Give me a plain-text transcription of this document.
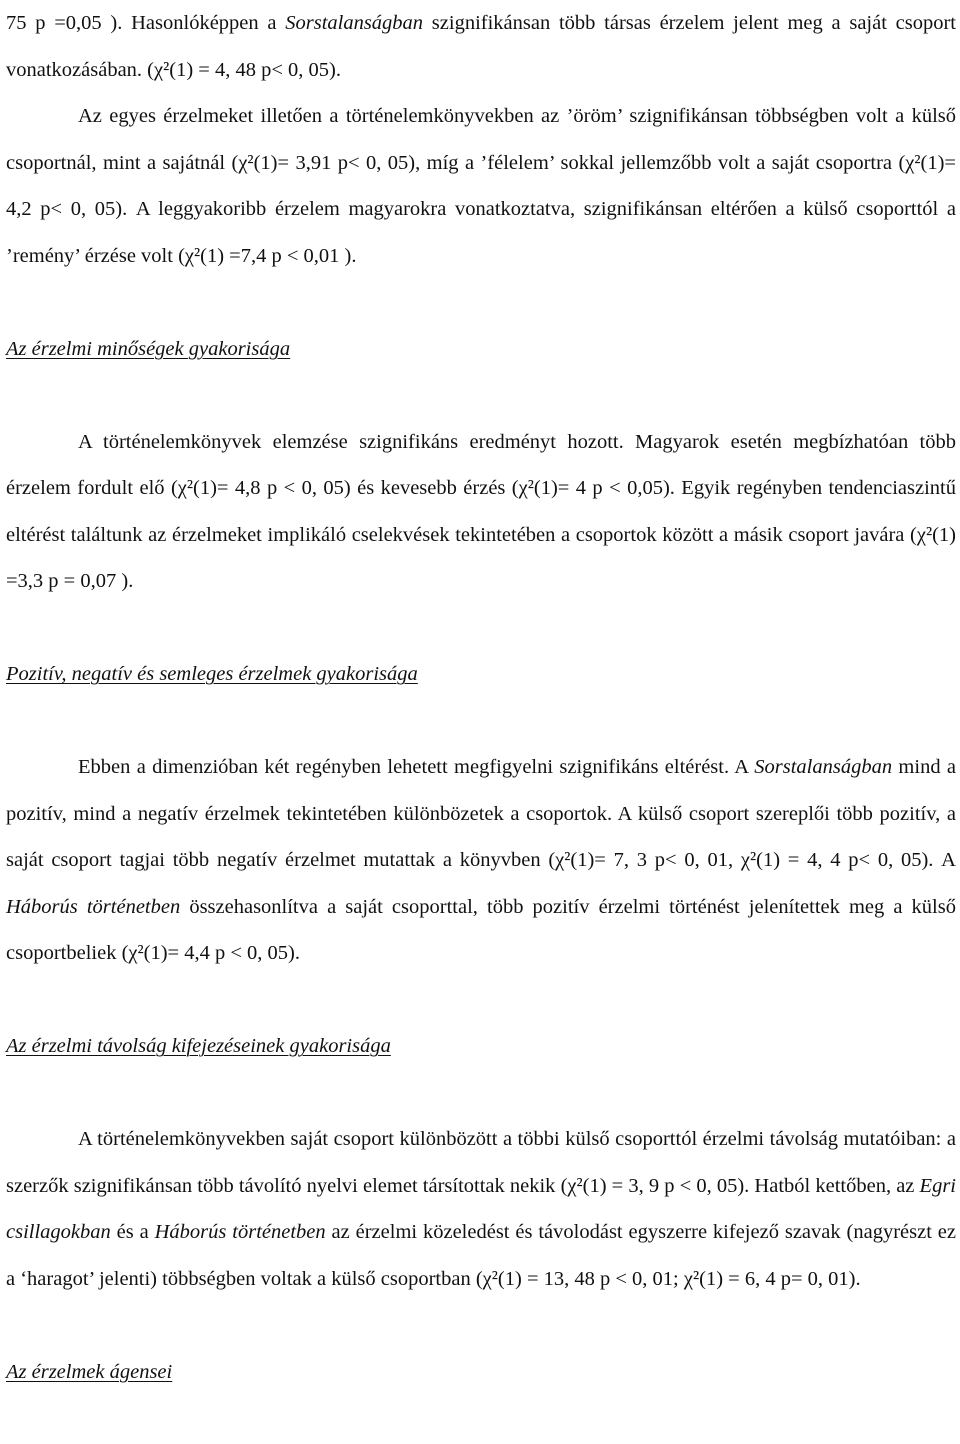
75 p =0,05 ). Hasonlóképpen a Sorstalanságban szignifikánsan több társas érzelem jelent meg a saját csoport vonatkozásában. (χ²(1) = 4, 48 p< 0, 05).

Az egyes érzelmeket illetően a történelemkönyvekben az ’öröm’ szignifikánsan többségben volt a külső csoportnál, mint a sajátnál (χ²(1)= 3,91 p< 0, 05), míg a ’félelem’ sokkal jellemzőbb volt a saját csoportra (χ²(1)= 4,2 p< 0, 05). A leggyakoribb érzelem magyarokra vonatkoztatva, szignifikánsan eltérően a külső csoporttól a ’remény’ érzése volt (χ²(1) =7,4 p < 0,01 ).

Az érzelmi minőségek gyakorisága

A történelemkönyvek elemzése szignifikáns eredményt hozott. Magyarok esetén megbízhatóan több érzelem fordult elő (χ²(1)= 4,8 p < 0, 05) és kevesebb érzés (χ²(1)= 4 p < 0,05). Egyik regényben tendenciaszintű eltérést találtunk az érzelmeket implikáló cselekvések tekintetében a csoportok között a másik csoport javára (χ²(1) =3,3 p = 0,07 ).

Pozitív, negatív és semleges érzelmek gyakorisága

Ebben a dimenzióban két regényben lehetett megfigyelni szignifikáns eltérést. A Sorstalanságban mind a pozitív, mind a negatív érzelmek tekintetében különbözetek a csoportok. A külső csoport szereplői több pozitív, a saját csoport tagjai több negatív érzelmet mutattak a könyvben (χ²(1)= 7, 3 p< 0, 01, χ²(1) = 4, 4 p< 0, 05). A Háborús történetben összehasonlítva a saját csoporttal, több pozitív érzelmi történést jelenítettek meg a külső csoportbeliek (χ²(1)= 4,4 p < 0, 05).

Az érzelmi távolság kifejezéseinek gyakorisága

A történelemkönyvekben saját csoport különbözött a többi külső csoporttól érzelmi távolság mutatóiban: a szerzők szignifikánsan több távolító nyelvi elemet társítottak nekik (χ²(1) = 3, 9 p < 0, 05). Hatból kettőben, az Egri csillagokban és a Háborús történetben az érzelmi közeledést és távolodást egyszerre kifejező szavak (nagyrészt ez a ‘haragot’ jelenti) többségben voltak a külső csoportban (χ²(1) = 13, 48 p < 0, 01; χ²(1) = 6, 4 p= 0, 01).

Az érzelmek ágensei
